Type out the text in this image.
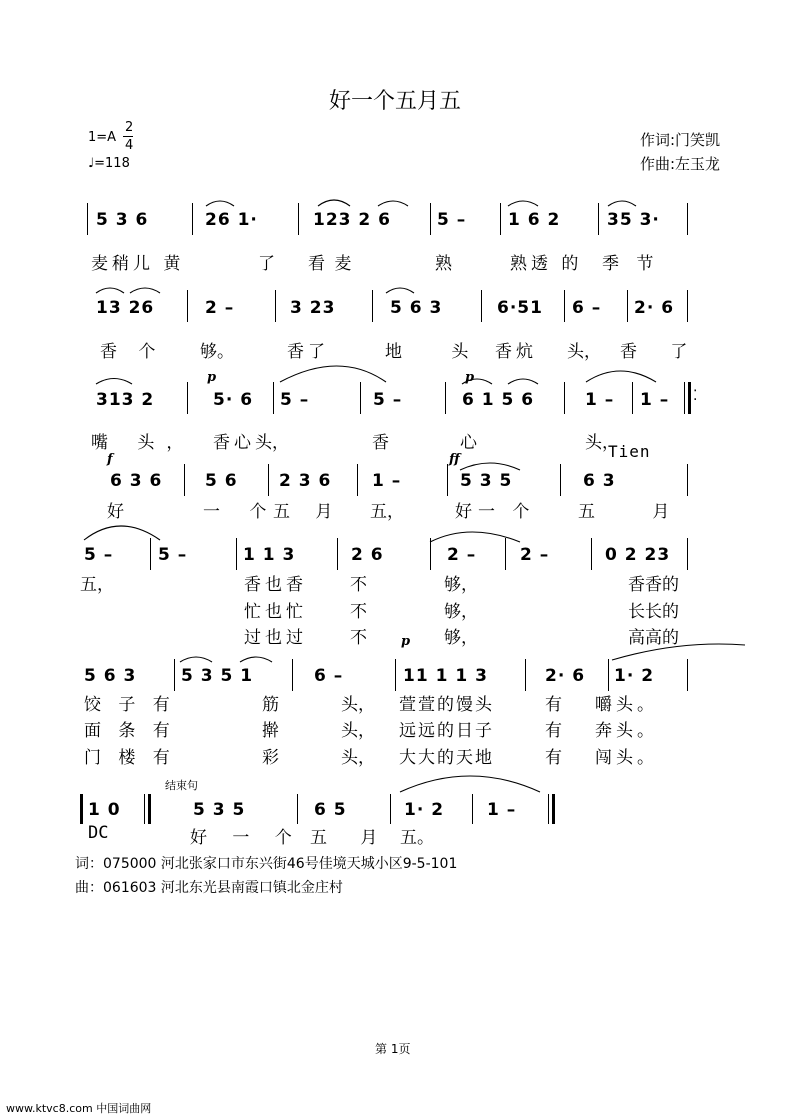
好一个五月五
1=A
2
4
♩=118
作词:门笑凯
作曲:左玉龙
5 3 6	26 1·	123 2 6	5 – 1 6 2	35 3·
麦稍儿 黄	了 看 麦	熟	熟透 的 季 节
13 26	2 –	3 23	5 6 3	6·51 6 – 2· 6
香 个 够。	香了	地 头 香炕 头， 香 了
p	p
313 2	5· 6 5 –	5 –	6 1 5 6	1 – 1 – ⁚
嘴 头， 香心 头，	香	心	头，
Tien
f	ff
6 3 6	5 6 2 3 6 1 –	5 3 5	6 3
好	一 个
五 月 五，	好一 个	五 月
5 –	5 –	1 1 3	2 6	2 –	2 –	0 2 23
五，	香也香	不	够，	香香的
忙也忙	不	够，	长长的
过也过	不	够，	高高的
p
5 6 3	5 3 5 1	6 –	11 1 1 3	2· 6 1· 2
饺 子 有	筋	头， 萱萱的馒头	有 嚼头。
面 条 有	擀	头， 远远的日子	有 奔头。
门 楼 有	彩	头， 大大的天地	有 闯头。
结束句
1 0	5 3 5	6 5	1· 2	1 –
DC	好 一 个 五 月 五。
词：075000 河北张家口市东兴街46号佳境天城小区9-5-101
曲：061603 河北东光县南霞口镇北金庄村
第 1页
www.ktvc8.com 中国词曲网
